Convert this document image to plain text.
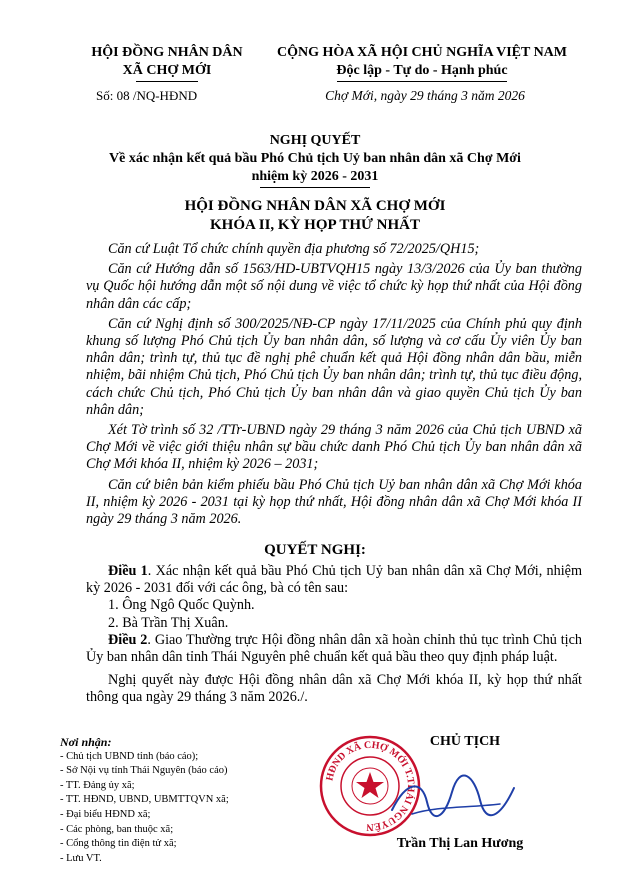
HỘI ĐỒNG NHÂN DÂN
XÃ CHỢ MỚI
CỘNG HÒA XÃ HỘI CHỦ NGHĨA VIỆT NAM
Độc lập - Tự do - Hạnh phúc
Số: 08 /NQ-HĐND	Chợ Mới, ngày 29 tháng 3 năm 2026
NGHỊ QUYẾT
Về xác nhận kết quả bầu Phó Chủ tịch Uỷ ban nhân dân xã Chợ Mới
nhiệm kỳ 2026 - 2031
HỘI ĐỒNG NHÂN DÂN XÃ CHỢ MỚI
KHÓA II, KỲ HỌP THỨ NHẤT

Căn cứ Luật Tổ chức chính quyền địa phương số 72/2025/QH15;

Căn cứ Hướng dẫn số 1563/HD-UBTVQH15 ngày 13/3/2026 của Ủy ban thường vụ Quốc hội hướng dẫn một số nội dung về việc tổ chức kỳ họp thứ nhất của Hội đồng nhân dân các cấp;

Căn cứ Nghị định số 300/2025/NĐ-CP ngày 17/11/2025 của Chính phủ quy định khung số lượng Phó Chủ tịch Ủy ban nhân dân, số lượng và cơ cấu Ủy viên Ủy ban nhân dân; trình tự, thủ tục đề nghị phê chuẩn kết quả Hội đồng nhân dân bầu, miễn nhiệm, bãi nhiệm Chủ tịch, Phó Chủ tịch Ủy ban nhân dân; trình tự, thủ tục điều động, cách chức Chủ tịch, Phó Chủ tịch Ủy ban nhân dân và giao quyền Chủ tịch Ủy ban nhân dân;

Xét Tờ trình số 32 /TTr-UBND ngày 29 tháng 3 năm 2026 của Chủ tịch UBND xã Chợ Mới về việc giới thiệu nhân sự bầu chức danh Phó Chủ tịch Ủy ban nhân dân xã Chợ Mới khóa II, nhiệm kỳ 2026 – 2031;

Căn cứ biên bản kiểm phiếu bầu Phó Chủ tịch Uỷ ban nhân dân xã Chợ Mới khóa II, nhiệm kỳ 2026 - 2031 tại kỳ họp thứ nhất, Hội đồng nhân dân xã Chợ Mới khóa II ngày 29 tháng 3 năm 2026.

QUYẾT NGHỊ:

Điều 1. Xác nhận kết quả bầu Phó Chủ tịch Uỷ ban nhân dân xã Chợ Mới, nhiệm kỳ 2026 - 2031 đối với các ông, bà có tên sau:

1. Ông Ngô Quốc Quỳnh.

2. Bà Trần Thị Xuân.

Điều 2. Giao Thường trực Hội đồng nhân dân xã hoàn chỉnh thủ tục trình Chủ tịch Ủy ban nhân dân tỉnh Thái Nguyên phê chuẩn kết quả bầu theo quy định pháp luật.

Nghị quyết này được Hội đồng nhân dân xã Chợ Mới khóa II, kỳ họp thứ nhất thông qua ngày 29 tháng 3 năm 2026./.

Nơi nhận:
- Chủ tịch UBND tỉnh (báo cáo);
- Sở Nội vụ tỉnh Thái Nguyên (báo cáo)
- TT. Đảng ủy xã;
- TT. HĐND, UBND, UBMTTQVN xã;
- Đại biểu HĐND xã;
- Các phòng, ban thuộc xã;
- Cổng thông tin điện tử xã;
- Lưu VT.
HĐND XÃ CHỢ MỚI T.THÁI NGUYÊN
CHỦ TỊCH
Trần Thị Lan Hương
